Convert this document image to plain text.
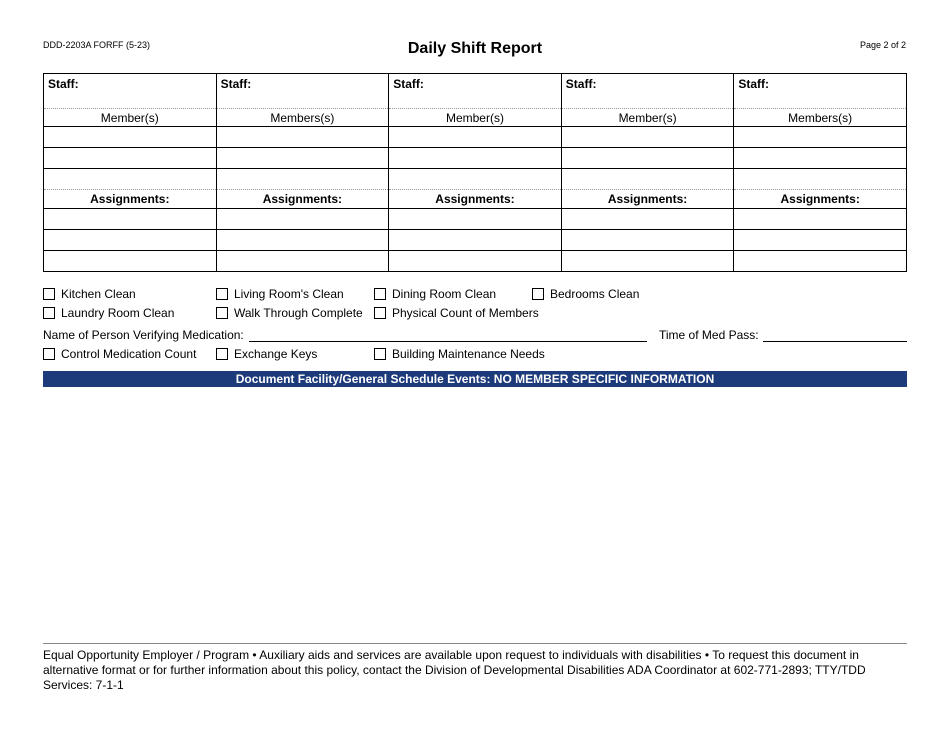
DDD-2203A FORFF (5-23)	Daily Shift Report	Page 2 of 2
Staff:	Staff:	Staff:	Staff:	Staff:
Member(s)	Members(s)	Member(s)	Member(s)	Members(s)

Assignments:	Assignments:	Assignments:	Assignments:	Assignments:

Kitchen Clean	Living Room's Clean	Dining Room Clean	Bedrooms Clean
Laundry Room Clean	Walk Through Complete Physical Count of Members
Name of Person Verifying Medication:	Time of Med Pass:
Control Medication Count	Exchange Keys	Building Maintenance Needs
Document Facility/General Schedule Events: NO MEMBER SPECIFIC INFORMATION
Equal Opportunity Employer / Program • Auxiliary aids and services are available upon request to individuals with disabilities • To request this document in alternative format or for further information about this policy, contact the Division of Developmental Disabilities ADA Coordinator at 602-771-2893; TTY/TDD Services: 7-1-1
